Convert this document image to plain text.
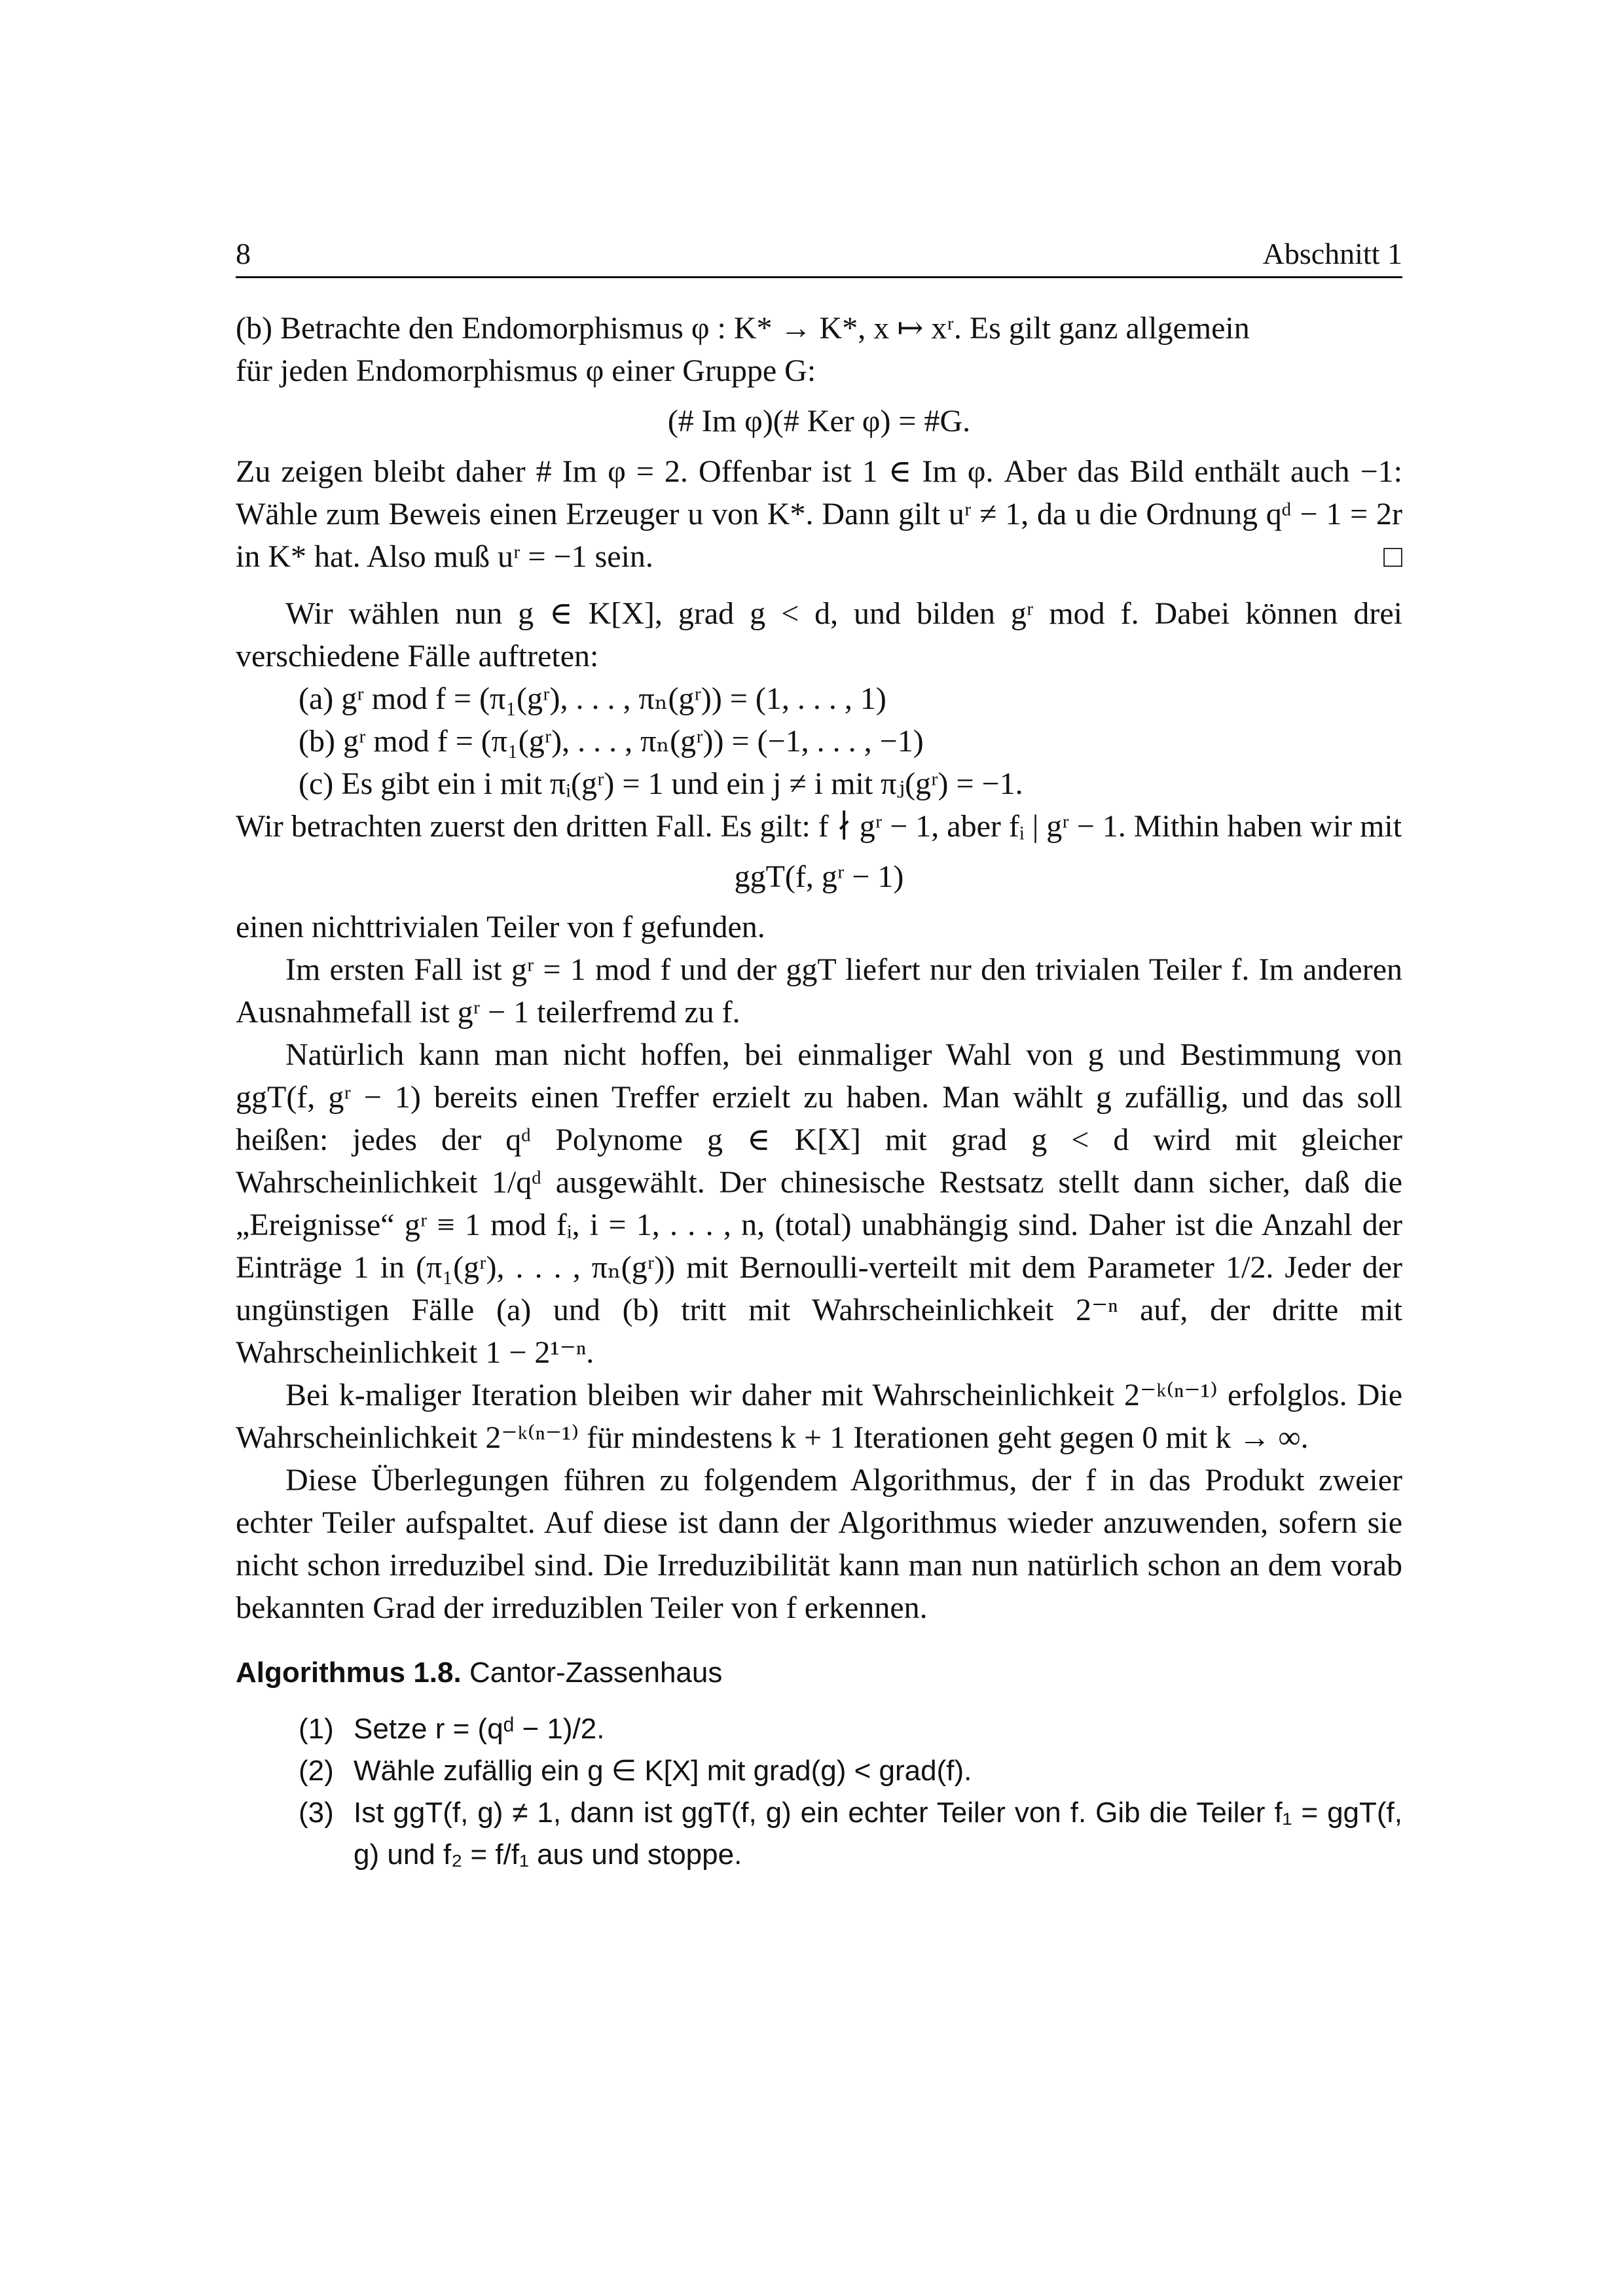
8	Abschnitt 1

(b) Betrachte den Endomorphismus φ : K* → K*, x ↦ xʳ. Es gilt ganz allgemein

für jeden Endomorphismus φ einer Gruppe G:

(# Im φ)(# Ker φ) = #G.

Zu zeigen bleibt daher # Im φ = 2. Offenbar ist 1 ∈ Im φ. Aber das Bild enthält auch −1: Wähle zum Beweis einen Erzeuger u von K*. Dann gilt uʳ ≠ 1, da u die Ordnung qᵈ − 1 = 2r in K* hat. Also muß uʳ = −1 sein.	□

Wir wählen nun g ∈ K[X], grad g < d, und bilden gʳ mod f. Dabei können drei verschiedene Fälle auftreten:

(a) gʳ mod f = (π₁(gʳ), . . . , πₙ(gʳ)) = (1, . . . , 1)
(b) gʳ mod f = (π₁(gʳ), . . . , πₙ(gʳ)) = (−1, . . . , −1)
(c) Es gibt ein i mit πᵢ(gʳ) = 1 und ein j ≠ i mit πⱼ(gʳ) = −1.

Wir betrachten zuerst den dritten Fall. Es gilt: f ∤ gʳ − 1, aber fᵢ | gʳ − 1. Mithin haben wir mit

ggT(f, gʳ − 1)

einen nichttrivialen Teiler von f gefunden.

Im ersten Fall ist gʳ = 1 mod f und der ggT liefert nur den trivialen Teiler f. Im anderen Ausnahmefall ist gʳ − 1 teilerfremd zu f.

Natürlich kann man nicht hoffen, bei einmaliger Wahl von g und Bestimmung von ggT(f, gʳ − 1) bereits einen Treffer erzielt zu haben. Man wählt g zufällig, und das soll heißen: jedes der qᵈ Polynome g ∈ K[X] mit grad g < d wird mit gleicher Wahrscheinlichkeit 1/qᵈ ausgewählt. Der chinesische Restsatz stellt dann sicher, daß die „Ereignisse“ gʳ ≡ 1 mod fᵢ, i = 1, . . . , n, (total) unabhängig sind. Daher ist die Anzahl der Einträge 1 in (π₁(gʳ), . . . , πₙ(gʳ)) mit Bernoulli-verteilt mit dem Parameter 1/2. Jeder der ungünstigen Fälle (a) und (b) tritt mit Wahrscheinlichkeit 2⁻ⁿ auf, der dritte mit Wahrscheinlichkeit 1 − 2¹⁻ⁿ.

Bei k-maliger Iteration bleiben wir daher mit Wahrscheinlichkeit 2⁻ᵏ⁽ⁿ⁻¹⁾ erfolglos. Die Wahrscheinlichkeit 2⁻ᵏ⁽ⁿ⁻¹⁾ für mindestens k + 1 Iterationen geht gegen 0 mit k → ∞.

Diese Überlegungen führen zu folgendem Algorithmus, der f in das Produkt zweier echter Teiler aufspaltet. Auf diese ist dann der Algorithmus wieder anzuwenden, sofern sie nicht schon irreduzibel sind. Die Irreduzibilität kann man nun natürlich schon an dem vorab bekannten Grad der irreduziblen Teiler von f erkennen.

Algorithmus 1.8. Cantor-Zassenhaus
(1) Setze r = (qᵈ − 1)/2.
(2) Wähle zufällig ein g ∈ K[X] mit grad(g) < grad(f).
(3) Ist ggT(f, g) ≠ 1, dann ist ggT(f, g) ein echter Teiler von f. Gib die Teiler f₁ = ggT(f, g) und f₂ = f/f₁ aus und stoppe.
